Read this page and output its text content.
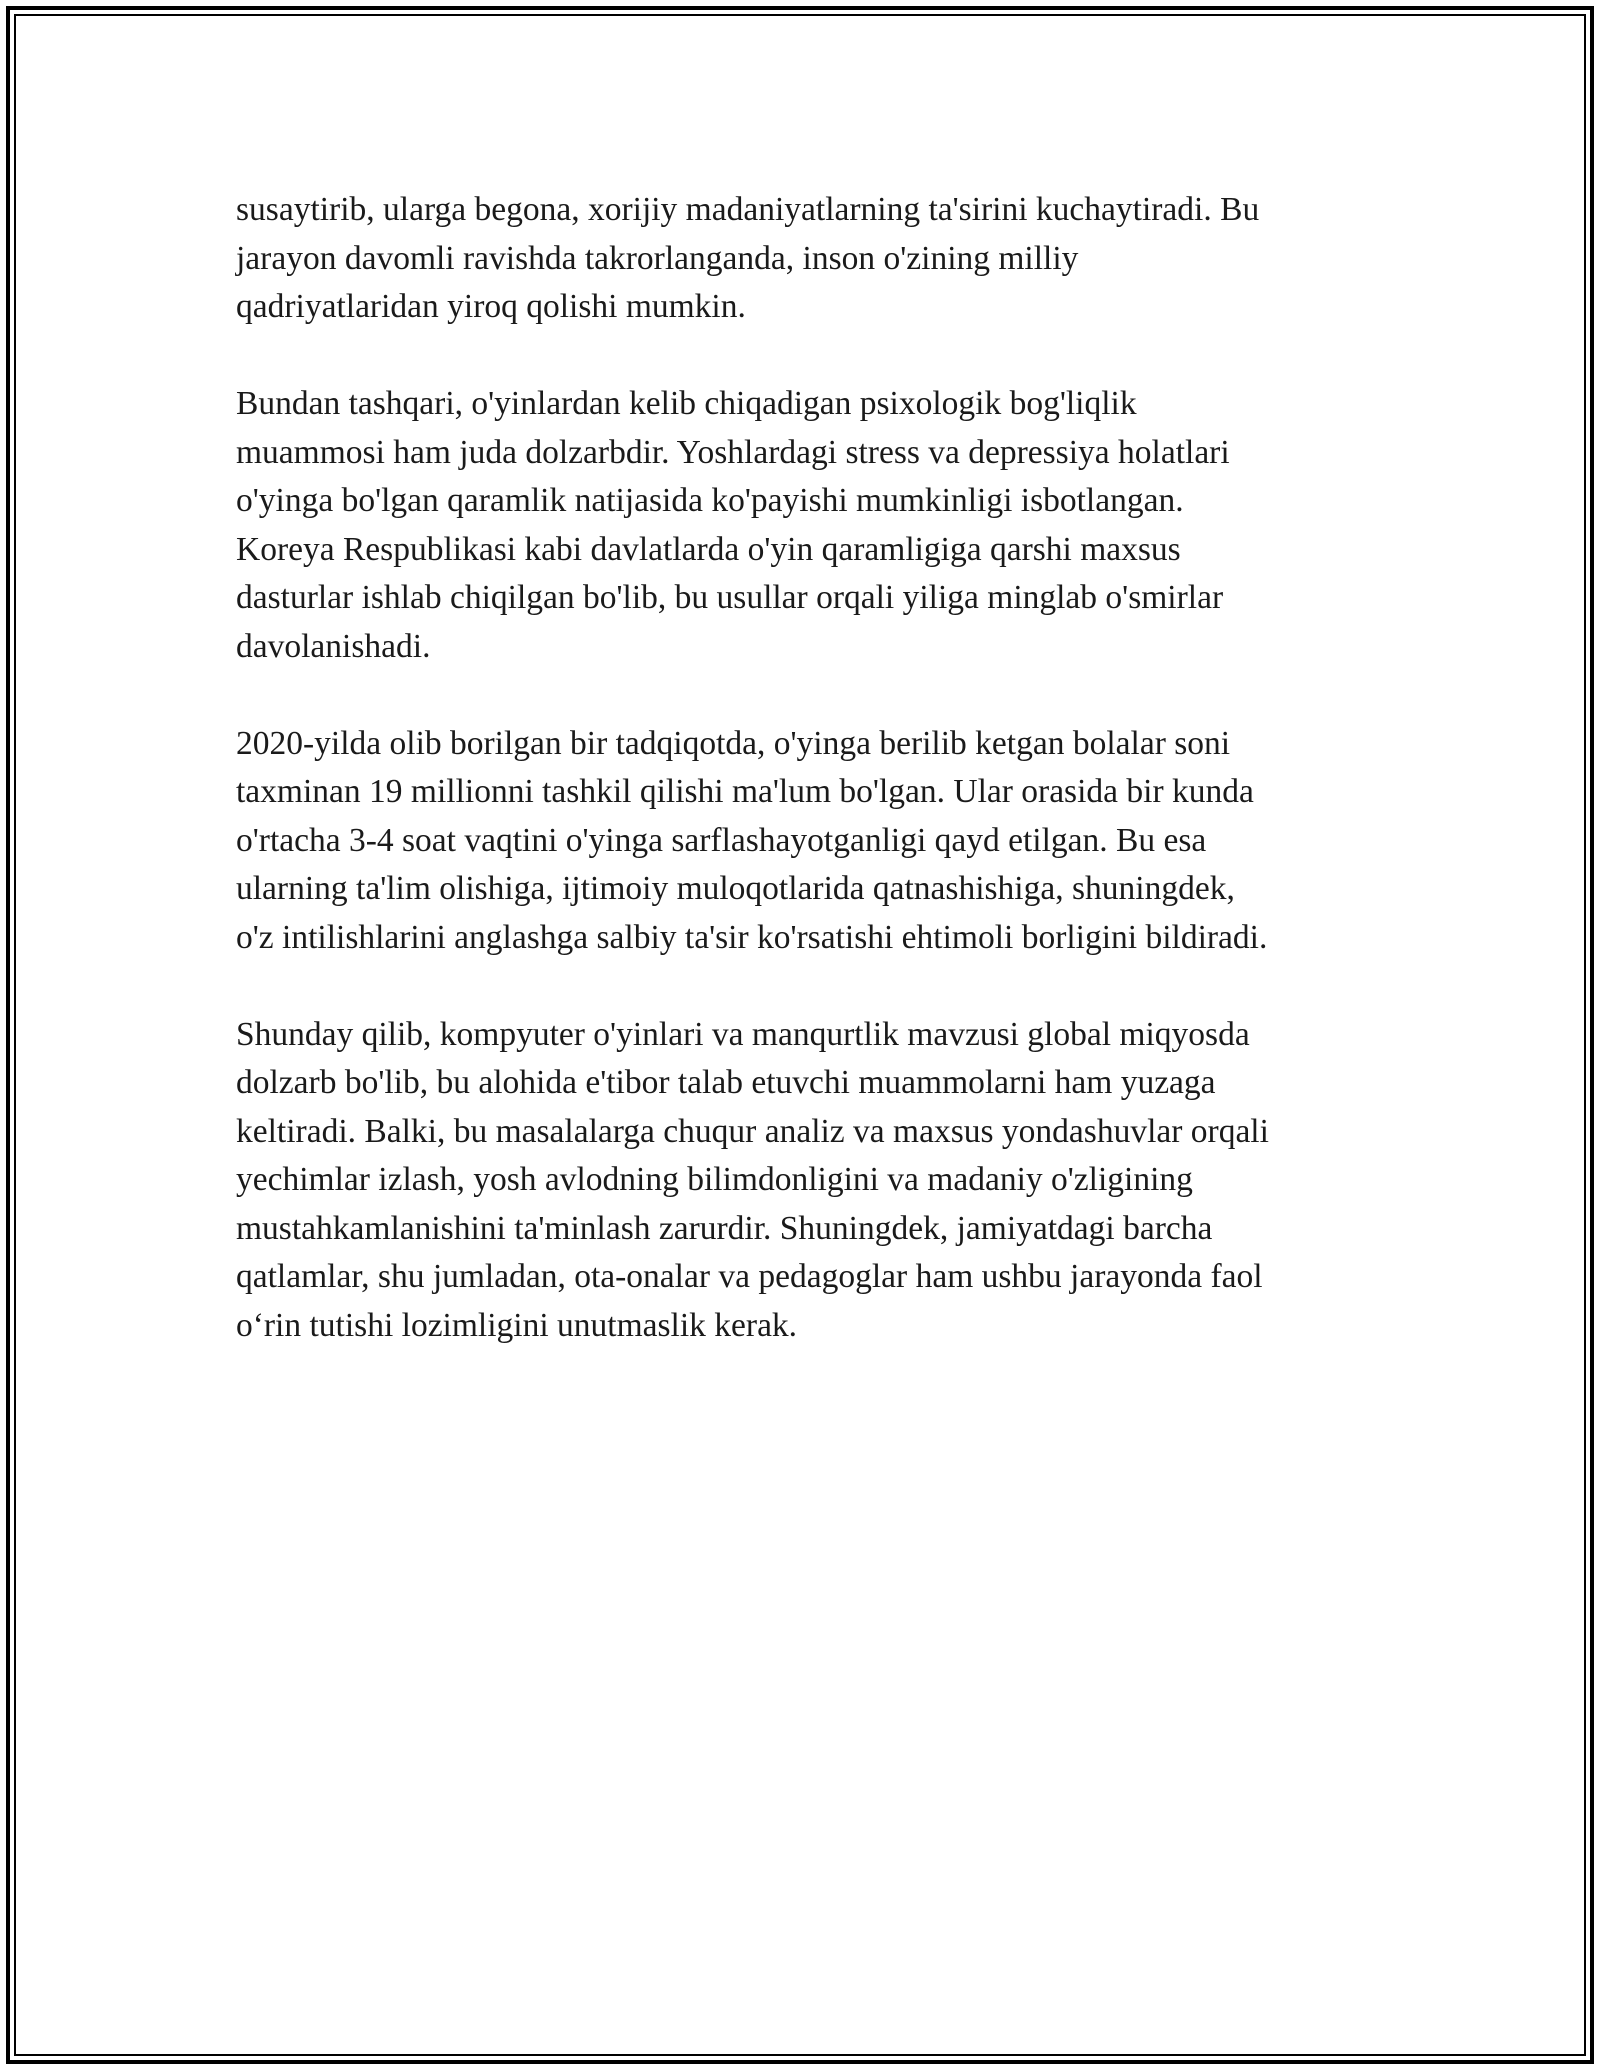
susaytirib, ularga begona, xorijiy madaniyatlarning ta'sirini kuchaytiradi. Bu
jarayon davomli ravishda takrorlanganda, inson o'zining milliy
qadriyatlaridan yiroq qolishi mumkin.

Bundan tashqari, o'yinlardan kelib chiqadigan psixologik bog'liqlik
muammosi ham juda dolzarbdir. Yoshlardagi stress va depressiya holatlari
o'yinga bo'lgan qaramlik natijasida ko'payishi mumkinligi isbotlangan.
Koreya Respublikasi kabi davlatlarda o'yin qaramligiga qarshi maxsus
dasturlar ishlab chiqilgan bo'lib, bu usullar orqali yiliga minglab o'smirlar
davolanishadi.

2020-yilda olib borilgan bir tadqiqotda, o'yinga berilib ketgan bolalar soni
taxminan 19 millionni tashkil qilishi ma'lum bo'lgan. Ular orasida bir kunda
o'rtacha 3-4 soat vaqtini o'yinga sarflashayotganligi qayd etilgan. Bu esa
ularning ta'lim olishiga, ijtimoiy muloqotlarida qatnashishiga, shuningdek,
o'z intilishlarini anglashga salbiy ta'sir ko'rsatishi ehtimoli borligini bildiradi.

Shunday qilib, kompyuter o'yinlari va manqurtlik mavzusi global miqyosda
dolzarb bo'lib, bu alohida e'tibor talab etuvchi muammolarni ham yuzaga
keltiradi. Balki, bu masalalarga chuqur analiz va maxsus yondashuvlar orqali
yechimlar izlash, yosh avlodning bilimdonligini va madaniy o'zligining
mustahkamlanishini ta'minlash zarurdir. Shuningdek, jamiyatdagi barcha
qatlamlar, shu jumladan, ota-onalar va pedagoglar ham ushbu jarayonda faol
o‘rin tutishi lozimligini unutmaslik kerak.
